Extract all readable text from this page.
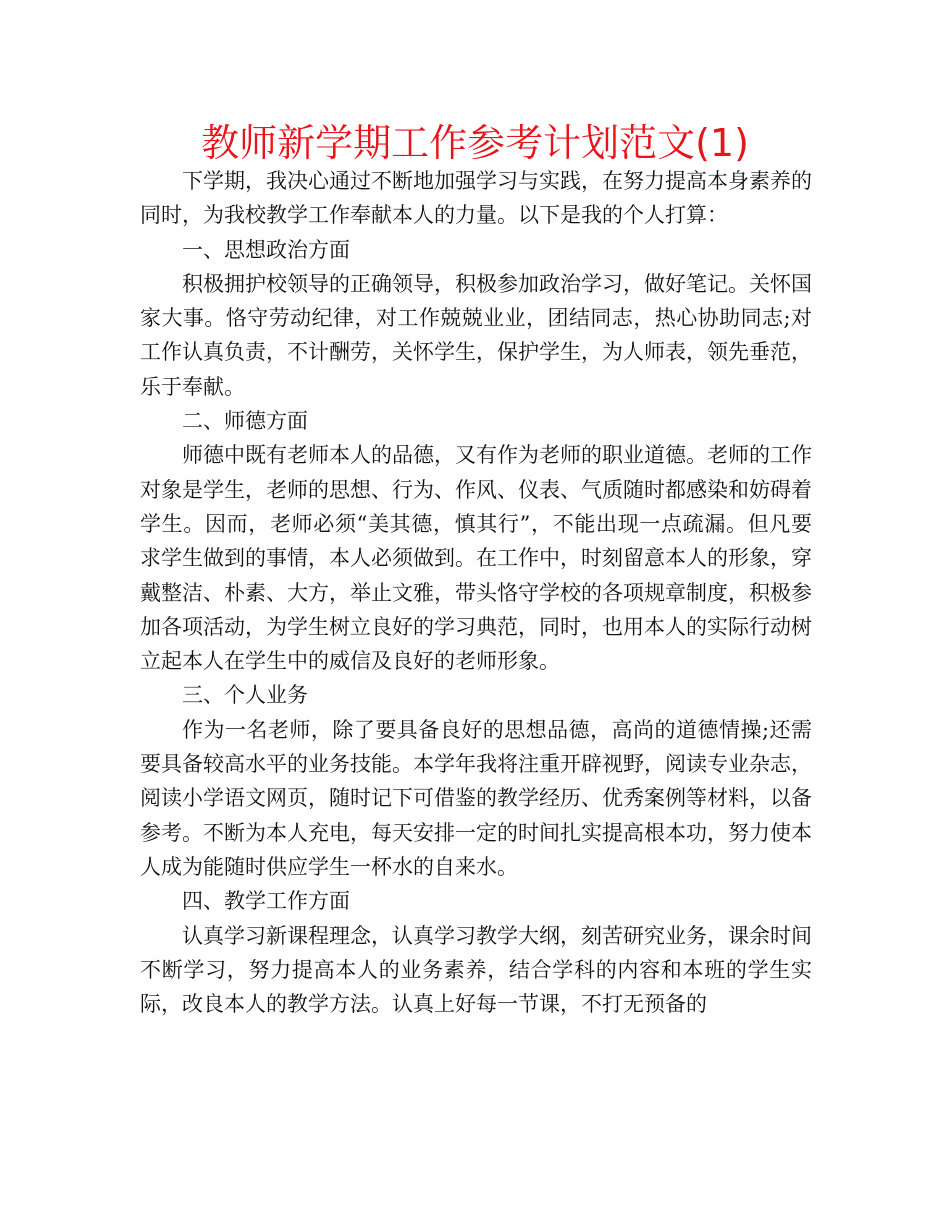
教师新学期工作参考计划范文(1)

下学期，我决心通过不断地加强学习与实践，在努力提高本身素养的同时，为我校教学工作奉献本人的力量。以下是我的个人打算：

一、思想政治方面

积极拥护校领导的正确领导，积极参加政治学习，做好笔记。关怀国家大事。恪守劳动纪律，对工作兢兢业业，团结同志，热心协助同志;对工作认真负责，不计酬劳，关怀学生，保护学生，为人师表，领先垂范，乐于奉献。

二、师德方面

师德中既有老师本人的品德，又有作为老师的职业道德。老师的工作对象是学生，老师的思想、行为、作风、仪表、气质随时都感染和妨碍着学生。因而，老师必须“美其德，慎其行”，不能出现一点疏漏。但凡要求学生做到的事情，本人必须做到。在工作中，时刻留意本人的形象，穿戴整洁、朴素、大方，举止文雅，带头恪守学校的各项规章制度，积极参加各项活动，为学生树立良好的学习典范，同时，也用本人的实际行动树立起本人在学生中的威信及良好的老师形象。

三、个人业务

作为一名老师，除了要具备良好的思想品德，高尚的道德情操;还需要具备较高水平的业务技能。本学年我将注重开辟视野，阅读专业杂志，阅读小学语文网页，随时记下可借鉴的教学经历、优秀案例等材料，以备参考。不断为本人充电，每天安排一定的时间扎实提高根本功，努力使本人成为能随时供应学生一杯水的自来水。

四、教学工作方面

认真学习新课程理念，认真学习教学大纲，刻苦研究业务，课余时间不断学习，努力提高本人的业务素养，结合学科的内容和本班的学生实际，改良本人的教学方法。认真上好每一节课，不打无预备的
